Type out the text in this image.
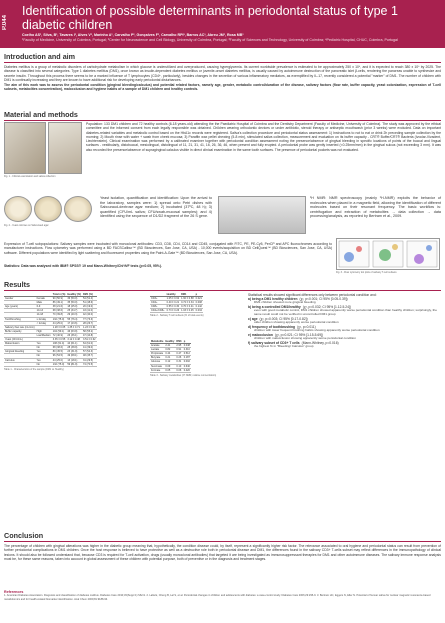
P.044
Identification of possible determinants in periodontal status of type 1 diabetic children
Coelho AS¹, Silva, B¹, Tavares I¹, Alves V¹, Marinho A¹, Carvalho P¹, Gonçalves F¹, Carvalho RPI³, Barros AC³, Abreu JM¹, Rosa MB¹
¹Faculty of Medicine, University of Coimbra, Portugal; ²Center for Neuroscience and Cell Biology, University of Coimbra, Portugal; ³Faculty of Sciences and Technology, University of Coimbra; ⁴Pediatric Hospital, CHUC, Coimbra, Portugal
Introduction and aim
Diabetes mellitus is a group of metabolic disorders of carbohydrate metabolism in which glucose is underutilized and overproduced, causing hyperglycemia. Its current worldwide prevalence is estimated to be approximately 250 x 10⁶, and it is expected to reach 380 x 10⁶ by 2025. The disease is classified into several categories. Type 1 diabetes mellitus (DM1), once known as insulin-dependent diabetes mellitus or juvenile-onset diabetes mellitus, is usually caused by autoimmune destruction of the pancreatic islet β-cells, rendering the pancreas unable to synthesize and secrete insulin. Throughout this process there seems to be a marked influence of T lymphocytes (CD4+, particularly), besides changes in the secretion of various inflammatory mediators, as exemplified by IL-17, recently considered a potential "marker" of DM1. The number of children with DM1 is continually increasing and they are known to have additional risk for developing early periodontal disturbances.
The aim of this work was to assess the periodontal condition (gingival bleeding/calculus) and potential related factors, namely age, gender, metabolic control/duration of the disease, salivary factors (flow rate, buffer capacity, yeast colonization, expression of T-cell subsets, metabolites concentration), malocclusion and hygiene habits of a sample of DM1 children and healthy controls.
Material and methods
Fig. 1 - Clinical examination and saliva collection
Population: 133 DM1 children and 72 healthy controls (6-18 years-old) attending the the Paediatric Hospital of Coimbra and the Dentistry Department (Faculty of Medicine, University of Coimbra). The study was approved by the ethical committee and the informed consent from each legally responsible was obtained. Children wearing orthodontic devices or under antibiotic, steroid therapy or antiseptic mouthwash (prior 3 weeks) were excluded. Data on important diabetes-related variables and metabolic control based on the HbA1c records were registered. Saliva's collection procedure and periodontal status assessment: 1) Instructions to not to eat or drink 2h preceding sample collection by the morning; 2) Mouth rinse with water + swab from cheek mucosa; 3) Paraffin wax pellet chewing (5-8 min), stimulated saliva collection, measurement and evaluation on its buffer capacity - CRT® Buffer/CRT® Bacteria (Ivoclar-Vivadent, Liechtenstein). Clinical examination was performed by a calibrated examiner together with periodontal condition assessment noting the presence/absence of gingival bleeding in specific locations of points of the buccal and lingual surfaces - vestibularly, distobuccal, mesiolingual, distolingual of 11, 21, 31, 41, 16, 26, 36, 46, when present and fully erupted. A periodontal probe was gently inserted (<0.25mm/mm) in the gingival sulcus (not exceeding 3 mm). It was also recorded the presence/absence of supragingival calculus visible in direct clinical examination in the same tooth surfaces. The presence of periodontal pockets was not evaluated.
Fig. 2 - Yeast colonies on Sabouraud agar
Yeast isolation, quantification and identification: Upon the arrival to the laboratory, samples were: 1) spread onto Petri dishes with Sabouraud-dextrose agar medium; 2) incubated (37ºC, 48 h); 3) quantified (CFU/mL saliva; CFU/swab-mucosal samples); and 4) identified using the sequence of D1/D2 fragment of the 26 S gene.
¹H NMR: NMR spectroscopy (mainly ¹H-NMR) exploits the behavior of molecules when placed in a magnetic field, allowing the identification of different molecules based on their resonant frequency. The basic workflow is: centrifugation and extraction of metabolites → data collection → data processing/analysis, as reported by Bertram et al., 2009.
Expression of T-cell subpopulations: Salivary samples were incubated with monoclonal antibodies: CD3, CD8, CD4, CD14 and CD45, conjugated with FITC, PE, PE-Cy5, PerCP and APC fluorochromes according to manufacturer instructions. Flow cytometry was performed using a BD FACSCalibur™ (BD Biosciences, San Jose, CA, USA) - 10,000 events/acquisition on BD CellQuest™ (BD Biosciences, San Jose, CA, USA) software. Different populations were identified by light scattering and fluorescent properties using the Paint-A-Gate™ (BD Biosciences, San Jose, CA, USA).
Statistics: Data was analysed with IBM® SPSS® 19 and Mann-Whitney/Chi²/t/F tests (p<0.05, 95%).
Fig. 3 - Flow cytometry dot plots of salivary T-cell subsets
Results
		Total n (%)	Healthy (%)	DM1 (%)
Gender	Female	90 (50.9)	36 (50.0)	54 (51.4)
	Male	86 (49.1)	35 (50.0)	51 (48.6)
Age (years)	6-9	38 (21.6)	18 (25.0)	20 (19.0)
	10-13	68 (38.6)	25 (34.7)	43 (41.0)
	14-18	70 (39.8)	29 (40.3)	42 (40.0)
Toothbrushing	≥ 2x/day	132 (75.0)	55 (76.4)	77 (73.3)
	< 2x/day	44 (25.0)	17 (23.6)	28 (26.7)
Salivary flow rate (mL/min)		1.28 ± 0.65	1.35 ± 0.71	1.23 ± 0.61
Buffer capacity	High	104 (59.1)	46 (63.9)	58 (55.2)
	Low/Medium	72 (40.9)	26 (36.1)	47 (44.8)
Yeast (CFU/mL)		3.35 ± 0.55	3.12 ± 0.48	3.51 ± 0.62
Malocclusion	Yes	108 (61.4)	44 (61.1)	64 (61.0)
	No	68 (38.6)	28 (38.9)	41 (39.0)
Gingival bleeding	Yes	80 (45.5)	23 (31.9)	57 (54.3)
	No	96 (54.5)	49 (68.1)	48 (45.7)
Calculus	Yes	44 (25.0)	13 (18.1)	31 (29.5)
	No	132 (75.0)	59 (81.9)	74 (70.5)
Table 1 - Characteristics of the sample (DM1 vs Healthy)
	Healthy	DM1	p
CD3+	1.05 ± 0.62	1.60 ± 0.88	0.021
CD4+	0.40 ± 0.21	0.72 ± 0.34	0.008
CD8+	0.55 ± 0.30	0.70 ± 0.41	0.142
CD4+/CD8+	0.73 ± 0.26	1.03 ± 0.45	0.034
Table 2 - Salivary T-cell subsets (% of total events)
Metabolite	Healthy	DM1	p
Acetate	2.41	2.95	0.048
Lactate	0.82	0.91	0.310
Propionate	0.44	0.47	0.512
Butyrate	0.21	0.26	0.187
Glucose	0.12	0.31	0.002
Succinate	0.09	0.10	0.640
Formate	0.05	0.06	0.420
Table 3 - Salivary metabolites (¹H NMR, relative concentration)
Statistical results showed significant differences only between periodontal condition and:
a) being a DM1 healthy children (χ², p<0.001; CI 95% [0.05-0.39])
DM1 children showed more gingival bleeding
b) being a controlled DM1/healthy (χ², p=0.032; CI 95% [1.12-5.24])
even with good metabolic control, DM1 children showed apparently worse periodontal condition than healthy children; surprisingly, the same result could not be verified in uncontrolled DM1 group
c) age (χ², p=0.003; CI 95% [0.17-0.82])
older children showing apparently worse periodontal condition
d) frequency of toothbrushing (χ², p=0.011)
children with lower frequent brushing habits showing apparently worse periodontal condition
e) malocclusion (χ², p=0.021; CI 95% [1.15-5.69])
children with malocclusion showing apparently worse periodontal condition
f) salivary subset of CD3+ T cells (Mann-Whitney, p=0.016)
the highest % in "Bleeding/ Calculus" group
Conclusion
The percentage of children with gingival alterations was higher in the diabetic group meaning that, hypothetically, the condition disease could, by itself, represent a significantly higher risk factor. The relevance associated to oral hygiene and periodontal status can result from prevention of further periodontal complications in DM1 children. Once the host response is believed to have protective as well as a destructive role both in periodontal disease and DM1, the differences found in the salivary CD3+ T-cells subset may reflect differences in the immunopathology of clinical lesions. It should also be followed understand that, because CD3 is required for T-cell activation, drugs (usually monoclonal antibodies) that targeted it are being investigated as immunosuppressant therapies for DM1 and other autoimmune diseases. The salivary immune response analysis must be, for these same reasons, taken into account in global assessment of these children with potential purpose, both of preventive or in the diagnosis and treatment stages.
References
1. American Diabetes Association. Diagnosis and classification of diabetes mellitus. Diabetes Care 2010;33(Suppl 1):S62-9. 2. Lalla E, Cheng B, Lal S, et al. Periodontal changes in children and adolescents with diabetes: a case-control study. Diabetes Care 2006;29:295-9. 3. Bertram HC, Eggers N, Eller N. Potential of human saliva for nuclear magnetic resonance-based metabolomics and for health-related biomarker identification. Anal Chem 2009;81:9188-93.
